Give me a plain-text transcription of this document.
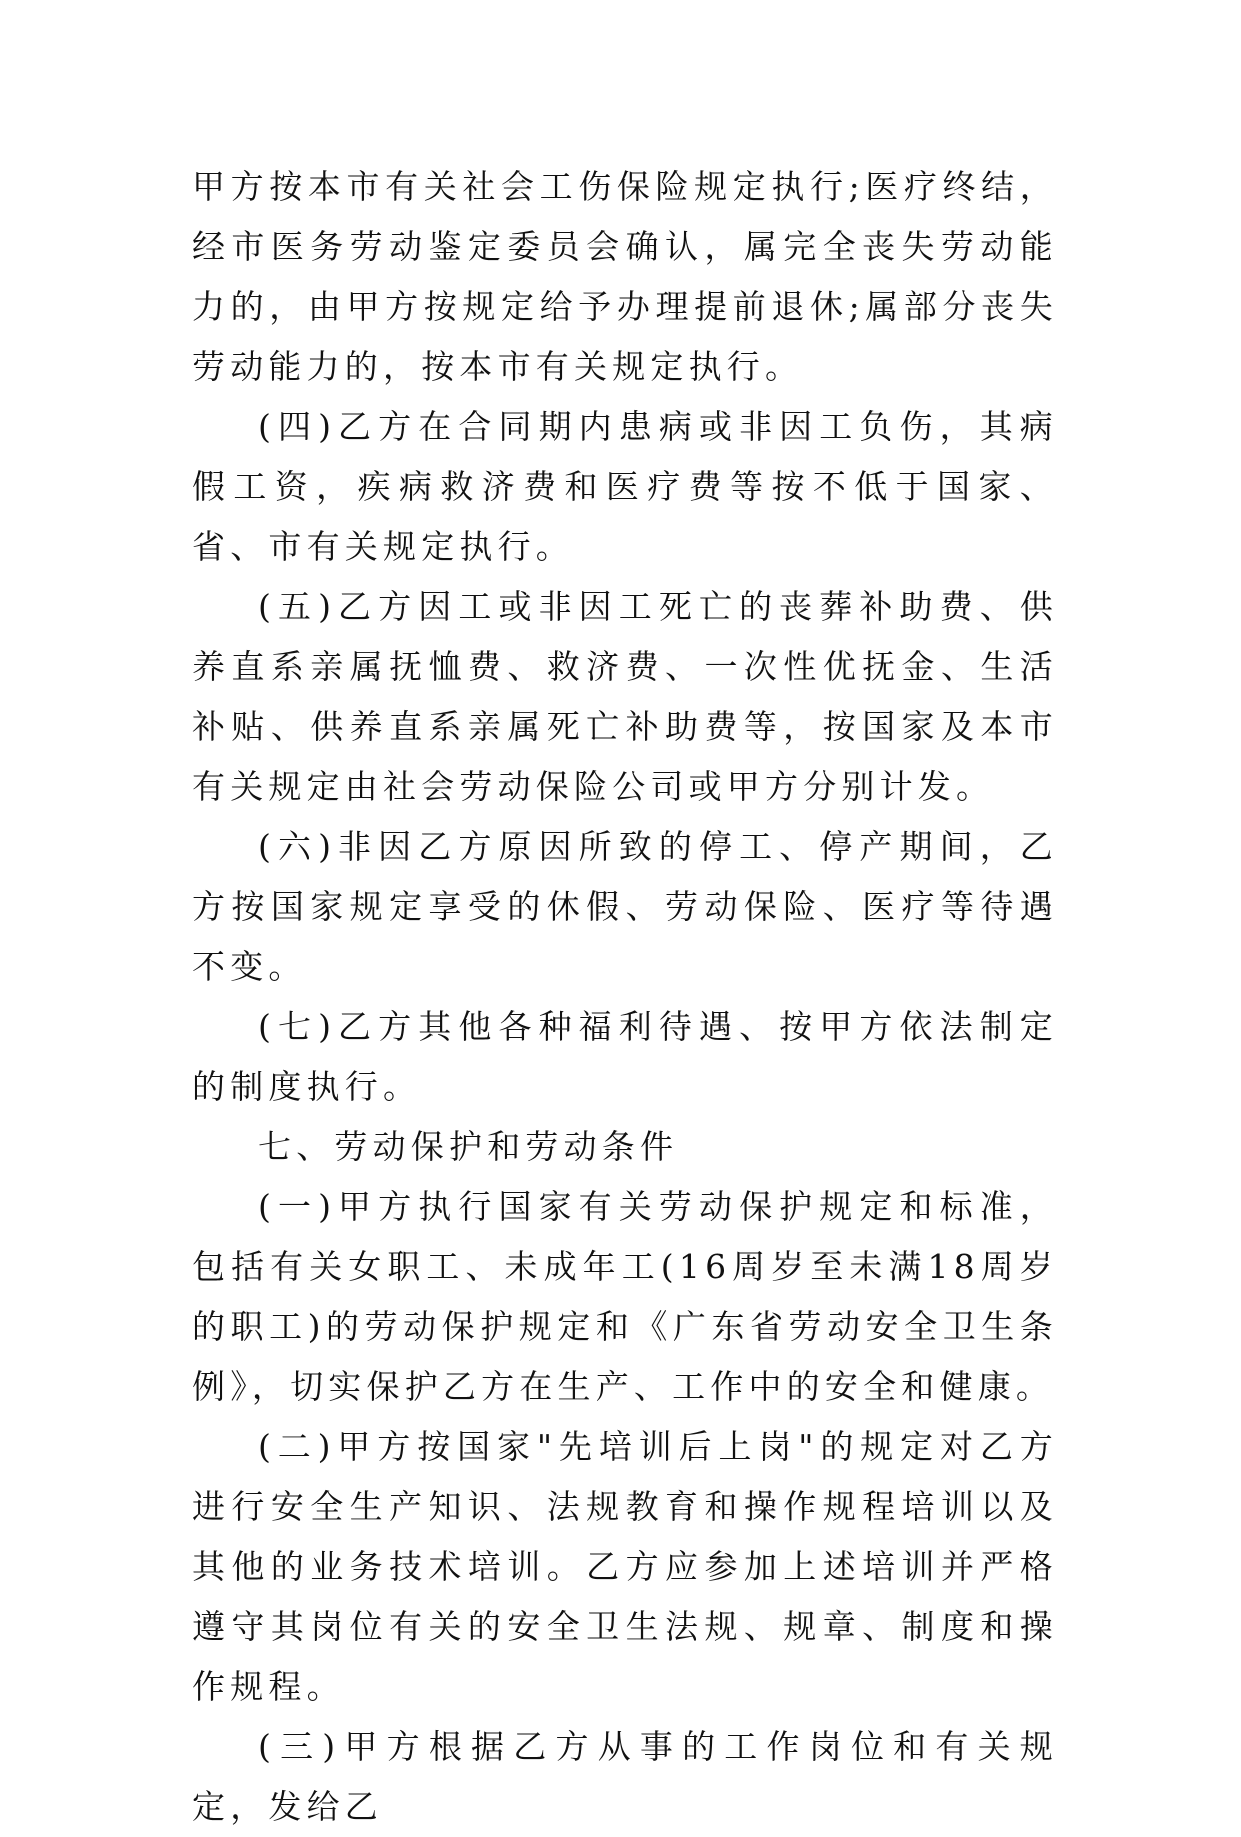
甲方按本市有关社会工伤保险规定执行;医疗终结，经市医务劳动鉴定委员会确认，属完全丧失劳动能力的，由甲方按规定给予办理提前退休;属部分丧失劳动能力的，按本市有关规定执行。

(四)乙方在合同期内患病或非因工负伤，其病假工资，疾病救济费和医疗费等按不低于国家、省、市有关规定执行。

(五)乙方因工或非因工死亡的丧葬补助费、供养直系亲属抚恤费、救济费、一次性优抚金、生活补贴、供养直系亲属死亡补助费等，按国家及本市有关规定由社会劳动保险公司或甲方分别计发。

(六)非因乙方原因所致的停工、停产期间，乙方按国家规定享受的休假、劳动保险、医疗等待遇不变。

(七)乙方其他各种福利待遇、按甲方依法制定的制度执行。

七、劳动保护和劳动条件

(一)甲方执行国家有关劳动保护规定和标准，包括有关女职工、未成年工(16周岁至未满18周岁的职工)的劳动保护规定和《广东省劳动安全卫生条例》，切实保护乙方在生产、工作中的安全和健康。

(二)甲方按国家"先培训后上岗"的规定对乙方进行安全生产知识、法规教育和操作规程培训以及其他的业务技术培训。乙方应参加上述培训并严格遵守其岗位有关的安全卫生法规、规章、制度和操作规程。

(三)甲方根据乙方从事的工作岗位和有关规定，发给乙
